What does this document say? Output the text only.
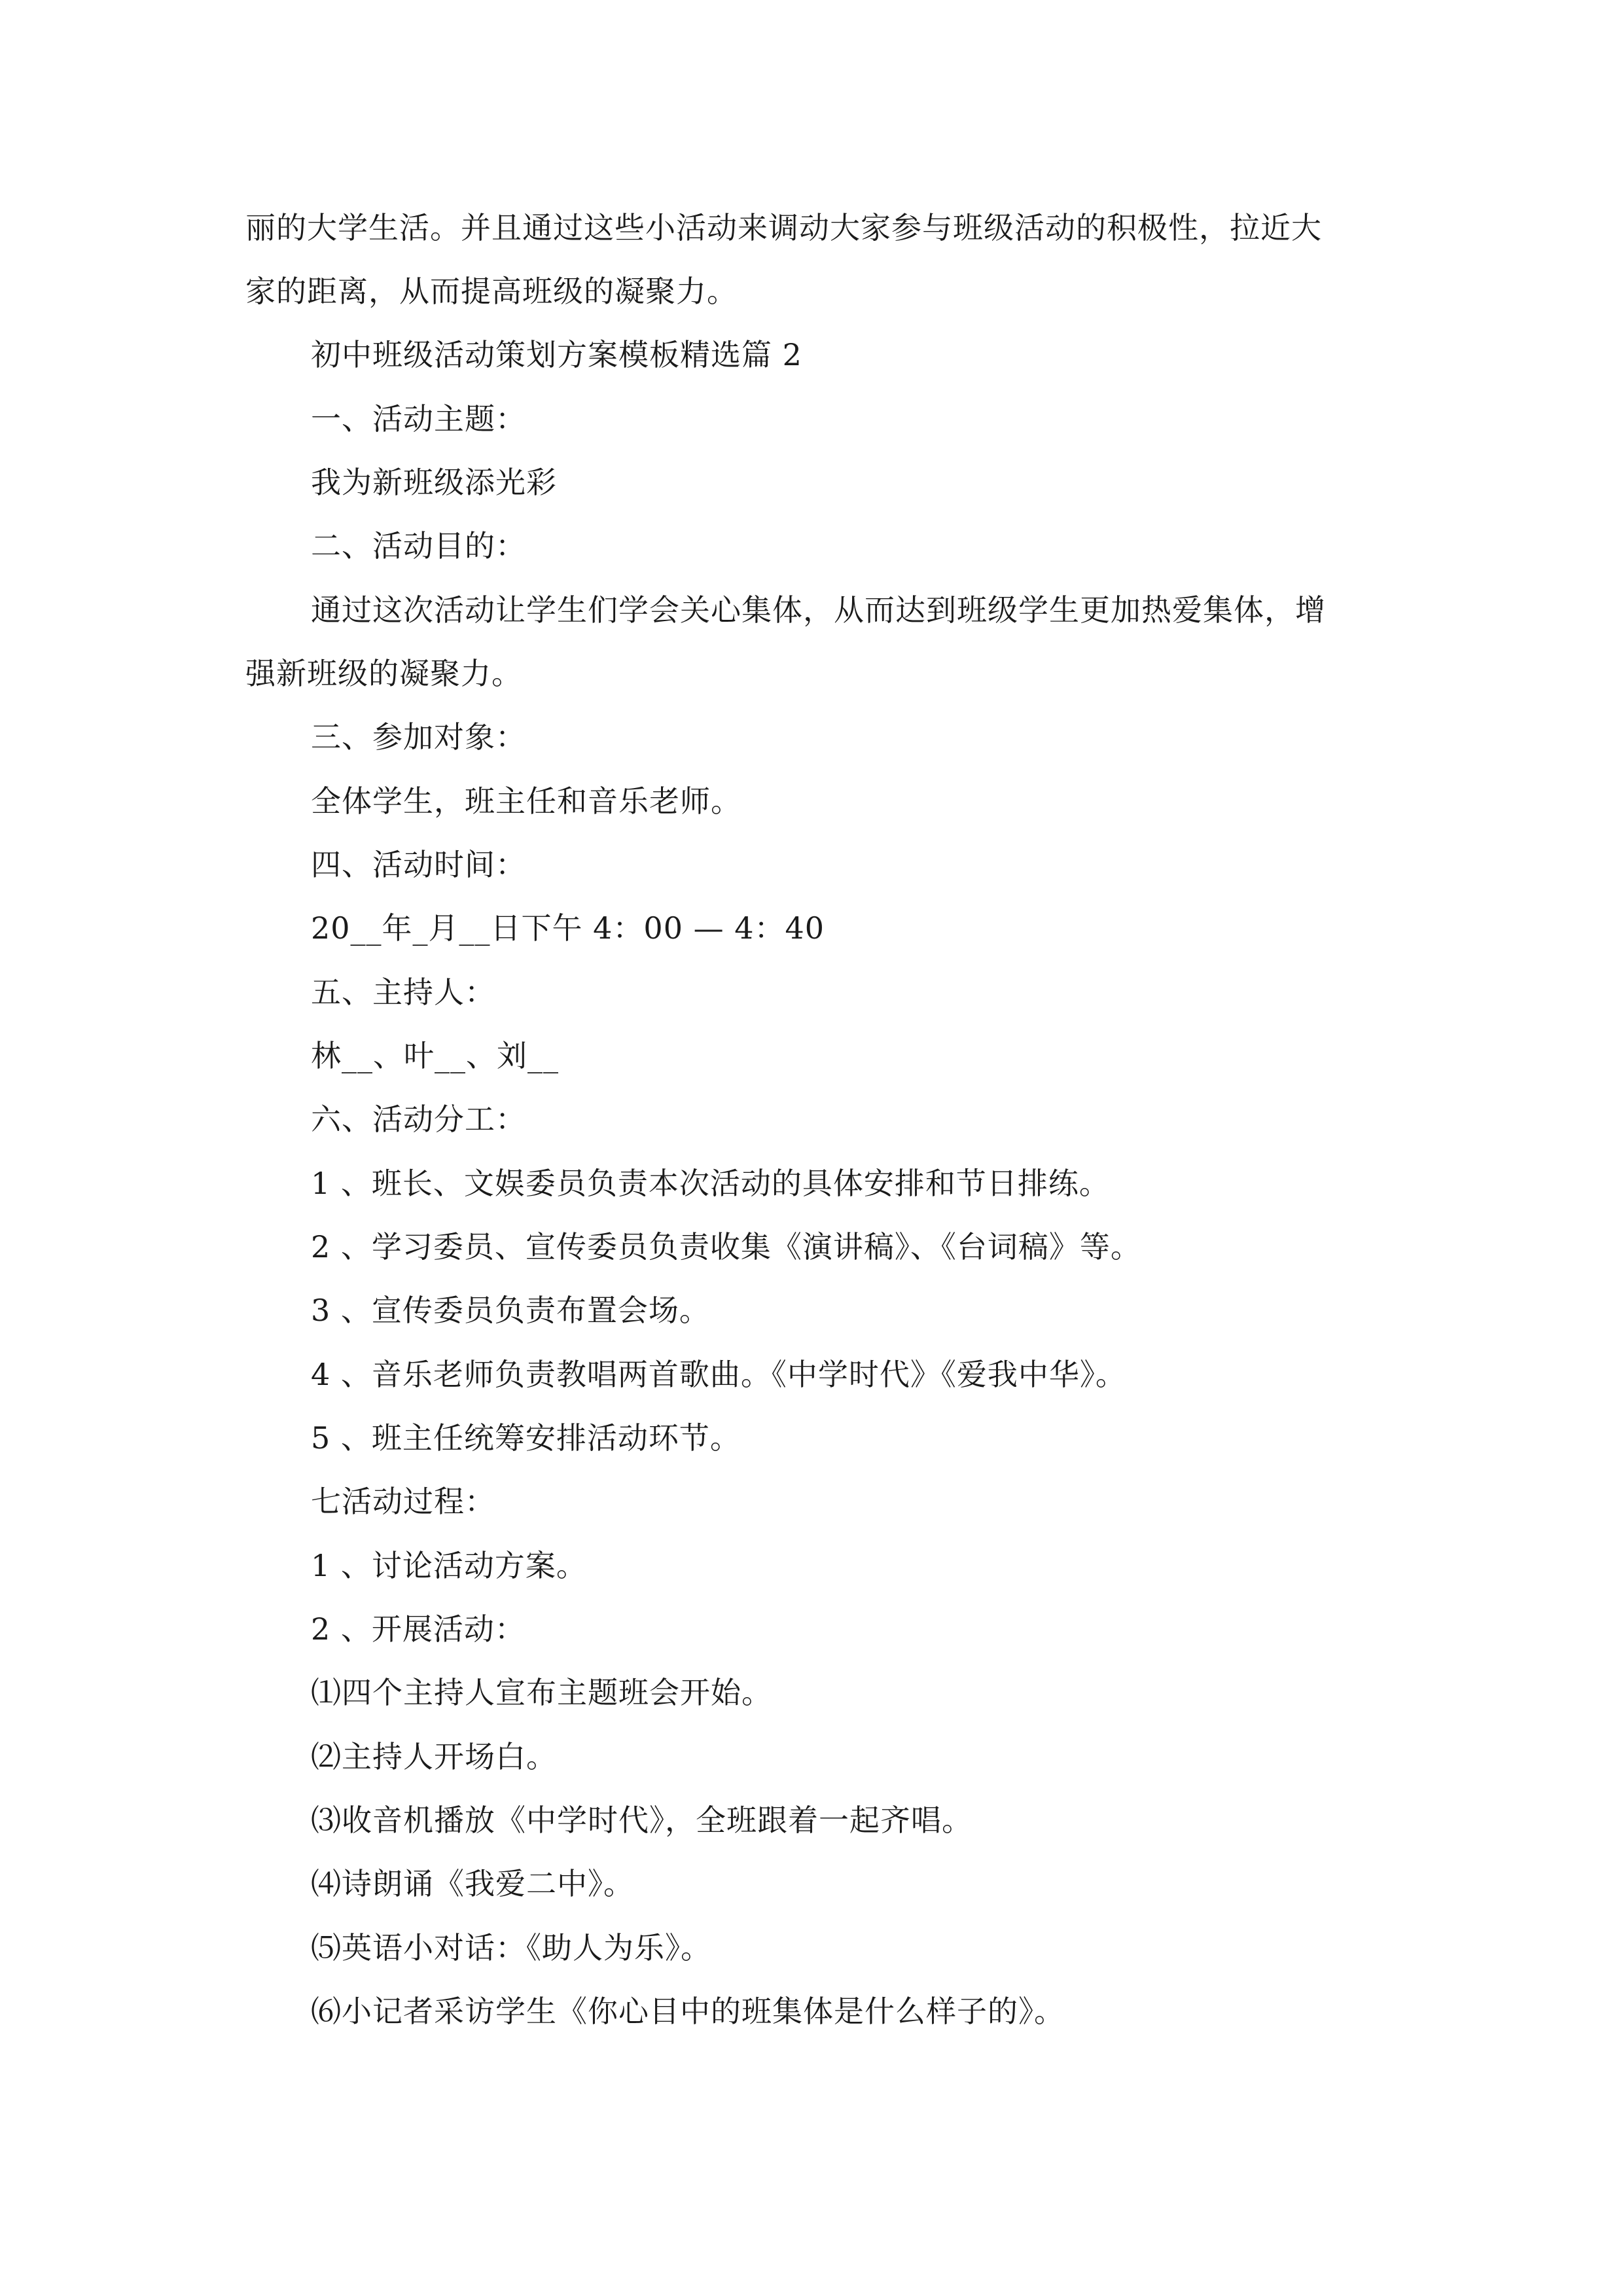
丽的大学生活。并且通过这些小活动来调动大家参与班级活动的积极性，拉近大
家的距离，从而提高班级的凝聚力。
初中班级活动策划方案模板精选篇 2
一、活动主题：
我为新班级添光彩
二、活动目的：
通过这次活动让学生们学会关心集体，从而达到班级学生更加热爱集体，增
强新班级的凝聚力。
三、参加对象：
全体学生，班主任和音乐老师。
四、活动时间：
20__年_月__日下午 4：00 — 4：40
五、主持人：
林__、叶__、刘__
六、活动分工：
1 、班长、文娱委员负责本次活动的具体安排和节日排练。
2 、学习委员、宣传委员负责收集《演讲稿》、《台词稿》等。
3 、宣传委员负责布置会场。
4 、音乐老师负责教唱两首歌曲。《中学时代》《爱我中华》。
5 、班主任统筹安排活动环节。
七活动过程：
1 、讨论活动方案。
2 、开展活动：
⑴四个主持人宣布主题班会开始。
⑵主持人开场白。
⑶收音机播放《中学时代》，全班跟着一起齐唱。
⑷诗朗诵《我爱二中》。
⑸英语小对话：《助人为乐》。
⑹小记者采访学生《你心目中的班集体是什么样子的》。
